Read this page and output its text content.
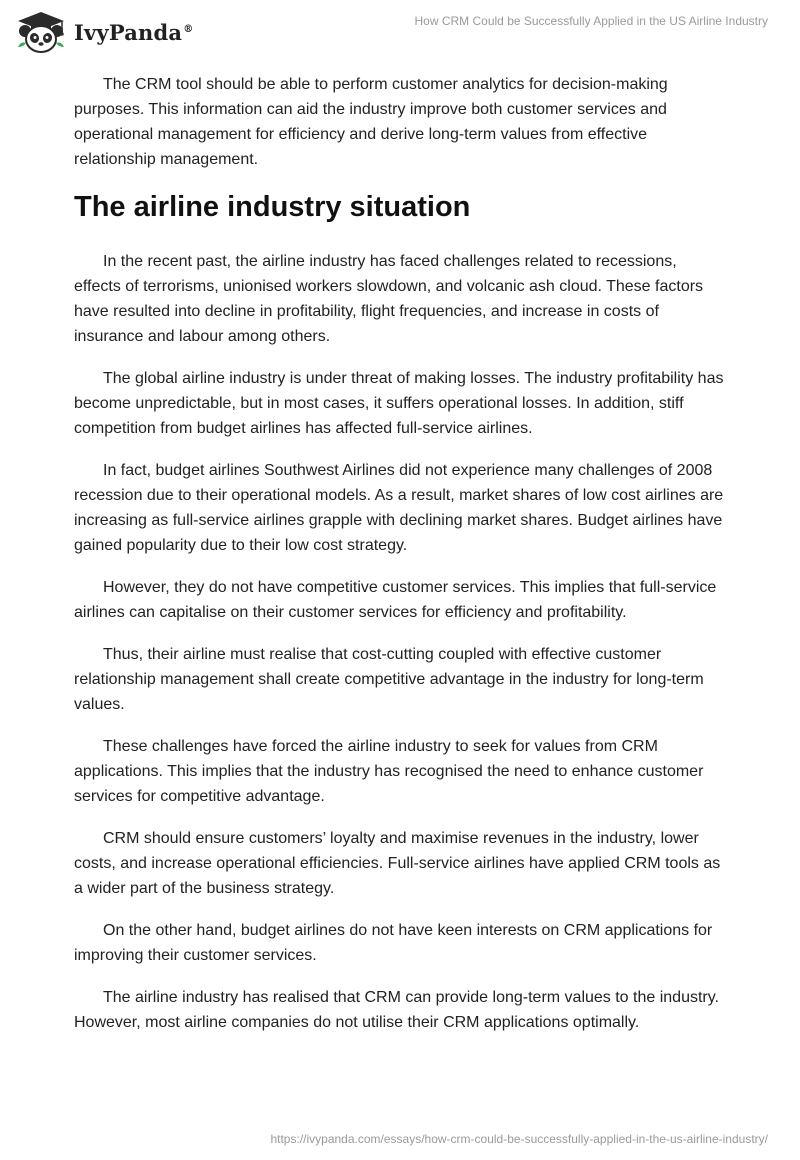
IvyPanda®
How CRM Could be Successfully Applied in the US Airline Industry

The CRM tool should be able to perform customer analytics for decision-making purposes. This information can aid the industry improve both customer services and operational management for efficiency and derive long-term values from effective relationship management.

The airline industry situation

In the recent past, the airline industry has faced challenges related to recessions, effects of terrorisms, unionised workers slowdown, and volcanic ash cloud. These factors have resulted into decline in profitability, flight frequencies, and increase in costs of insurance and labour among others.

The global airline industry is under threat of making losses. The industry profitability has become unpredictable, but in most cases, it suffers operational losses. In addition, stiff competition from budget airlines has affected full-service airlines.

In fact, budget airlines Southwest Airlines did not experience many challenges of 2008 recession due to their operational models. As a result, market shares of low cost airlines are increasing as full-service airlines grapple with declining market shares. Budget airlines have gained popularity due to their low cost strategy.

However, they do not have competitive customer services. This implies that full-service airlines can capitalise on their customer services for efficiency and profitability.

Thus, their airline must realise that cost-cutting coupled with effective customer relationship management shall create competitive advantage in the industry for long-term values.

These challenges have forced the airline industry to seek for values from CRM applications. This implies that the industry has recognised the need to enhance customer services for competitive advantage.

CRM should ensure customers’ loyalty and maximise revenues in the industry, lower costs, and increase operational efficiencies. Full-service airlines have applied CRM tools as a wider part of the business strategy.

On the other hand, budget airlines do not have keen interests on CRM applications for improving their customer services.

The airline industry has realised that CRM can provide long-term values to the industry. However, most airline companies do not utilise their CRM applications optimally.

https://ivypanda.com/essays/how-crm-could-be-successfully-applied-in-the-us-airline-industry/
